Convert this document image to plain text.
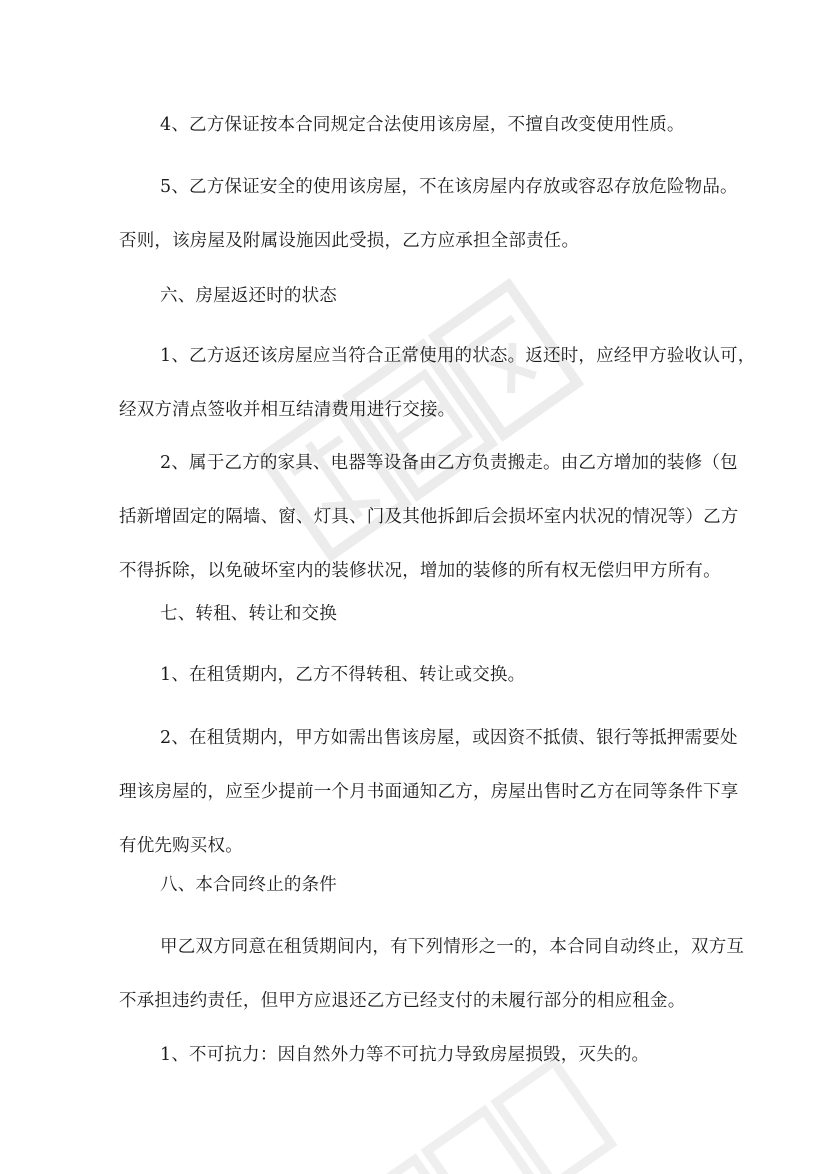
4、乙方保证按本合同规定合法使用该房屋，不擅自改变使用性质。
5、乙方保证安全的使用该房屋，不在该房屋内存放或容忍存放危险物品。
否则，该房屋及附属设施因此受损，乙方应承担全部责任。
六、房屋返还时的状态
1、乙方返还该房屋应当符合正常使用的状态。返还时，应经甲方验收认可，
经双方清点签收并相互结清费用进行交接。
2、属于乙方的家具、电器等设备由乙方负责搬走。由乙方增加的装修（包
括新增固定的隔墙、窗、灯具、门及其他拆卸后会损坏室内状况的情况等）乙方
不得拆除，以免破坏室内的装修状况，增加的装修的所有权无偿归甲方所有。
七、转租、转让和交换
1、在租赁期内，乙方不得转租、转让或交换。
2、在租赁期内，甲方如需出售该房屋，或因资不抵债、银行等抵押需要处
理该房屋的，应至少提前一个月书面通知乙方，房屋出售时乙方在同等条件下享
有优先购买权。
八、本合同终止的条件
甲乙双方同意在租赁期间内，有下列情形之一的，本合同自动终止，双方互
不承担违约责任，但甲方应退还乙方已经支付的未履行部分的相应租金。
1、不可抗力：因自然外力等不可抗力导致房屋损毁，灭失的。
